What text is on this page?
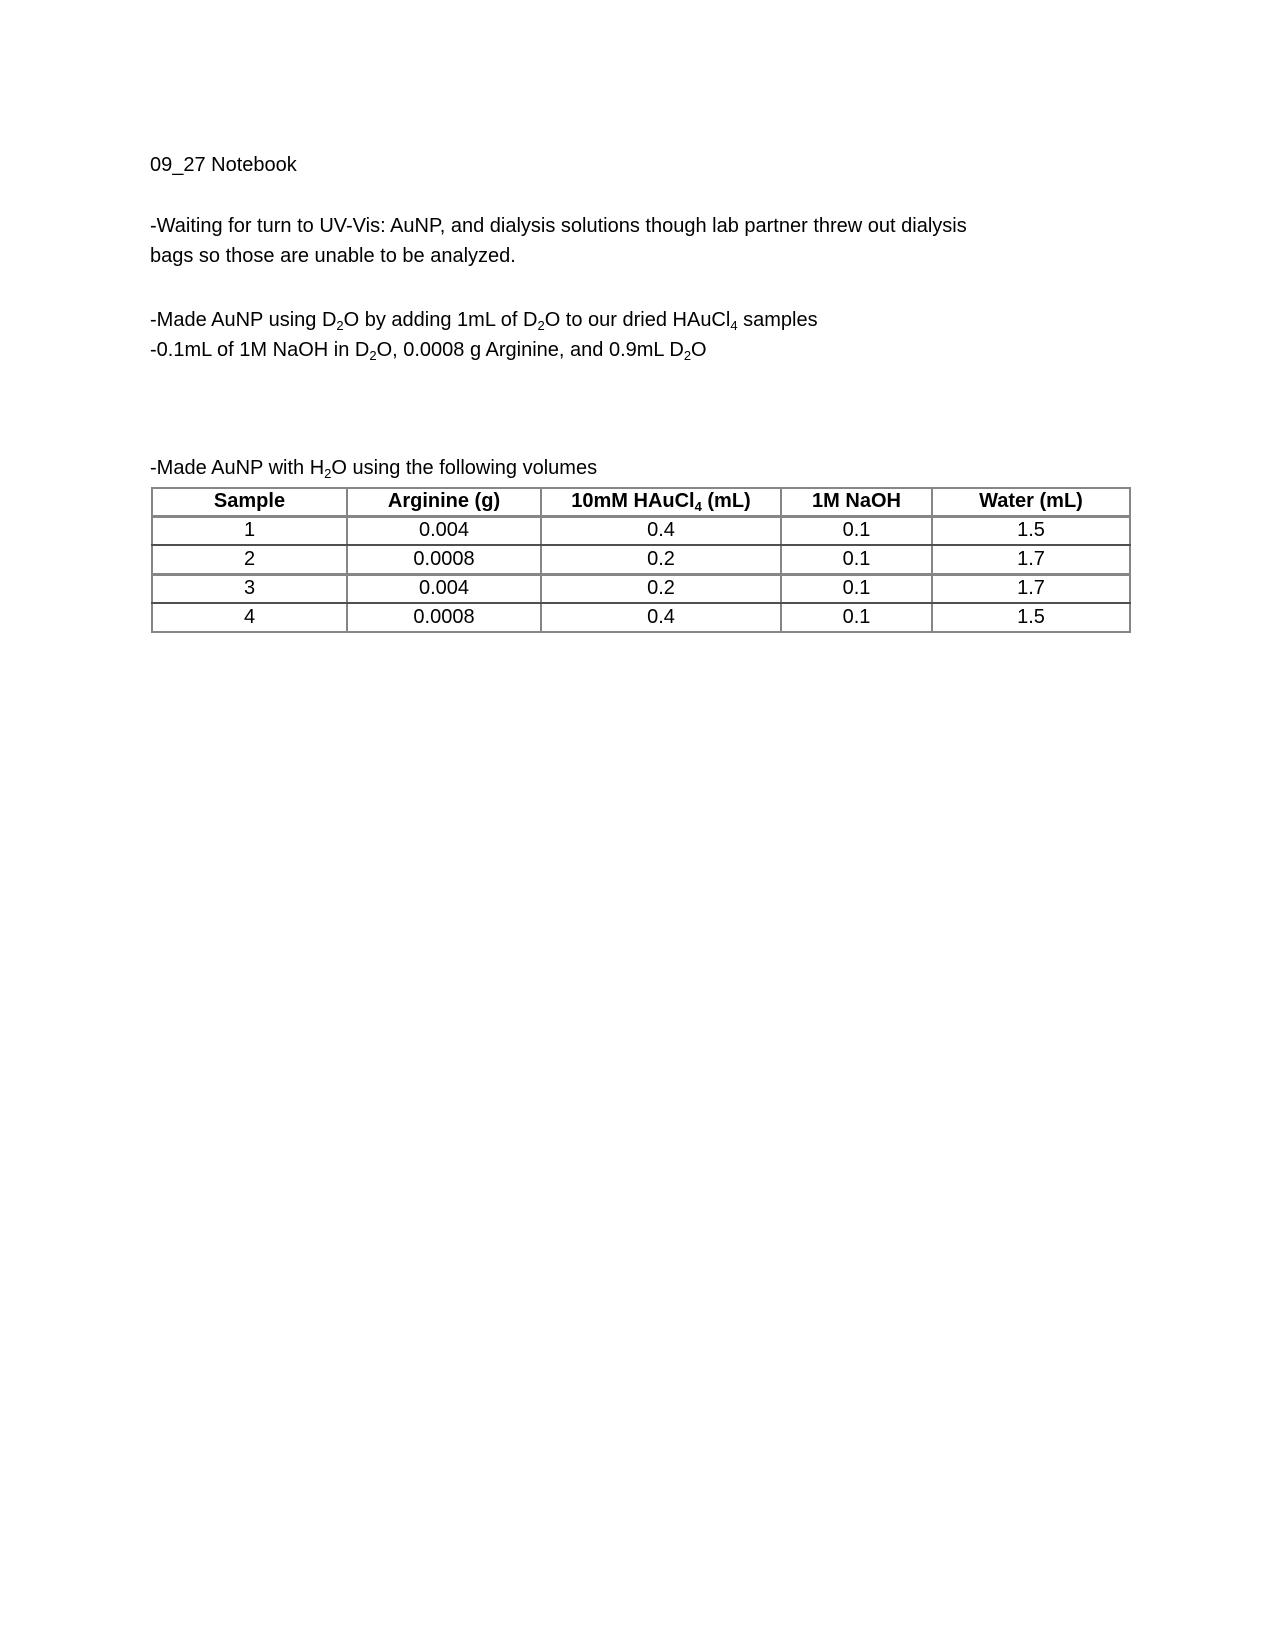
09_27 Notebook
-Waiting for turn to UV-Vis: AuNP, and dialysis solutions though lab partner threw out dialysis
bags so those are unable to be analyzed.
-Made AuNP using $D_2O$ by adding 1mL of $D_2O$ to our dried HAuCl$_4$ samples
-0.1mL of 1M NaOH in $D_2O$, 0.0008 g Arginine, and 0.9mL $D_2O$
-Made AuNP with $H_2O$ using the following volumes
Sample	Arginine (g)	10mM HAuCl$_4$ (mL)	1M NaOH	Water (mL)
1	0.004	0.4	0.1	1.5
2	0.0008	0.2	0.1	1.7
3	0.004	0.2	0.1	1.7
4	0.0008	0.4	0.1	1.5
